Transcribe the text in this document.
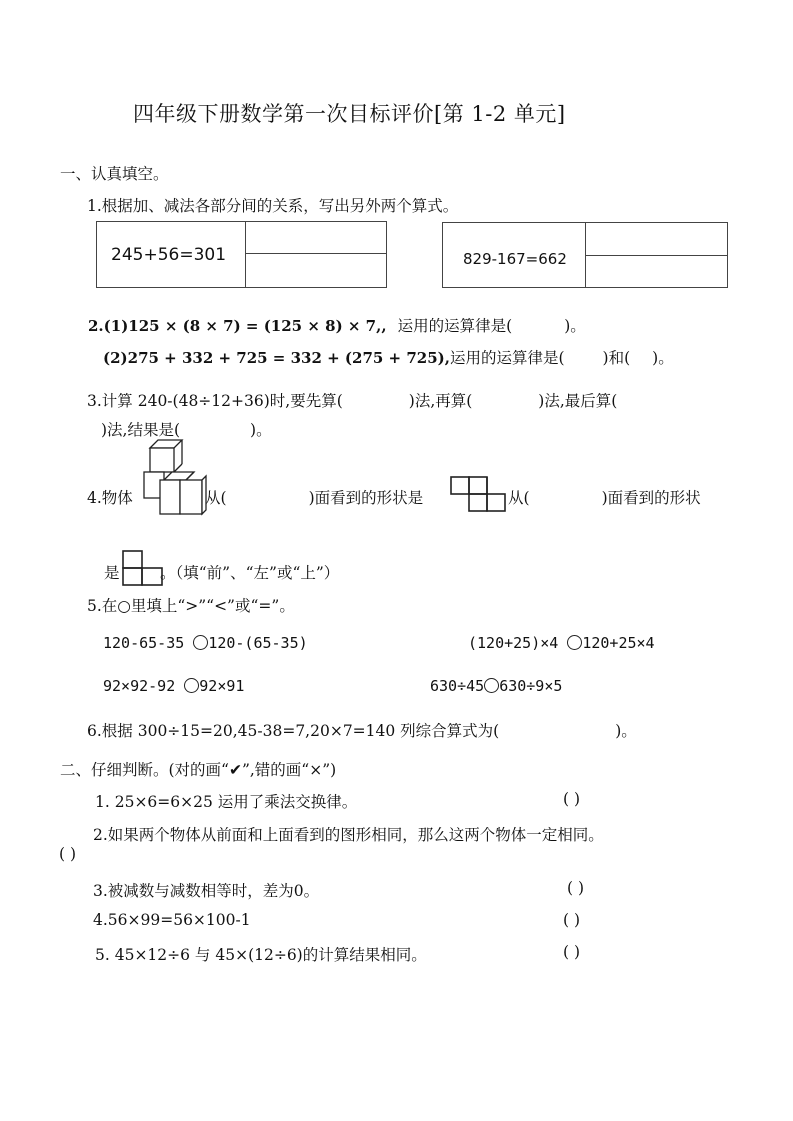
四年级下册数学第一次目标评价[第 1-2 单元]
一、认真填空。
1.根据加、减法各部分间的关系，写出另外两个算式。
245+56=301	829-167=662
2.(1)125 × (8 × 7) = (125 × 8) × 7,, 运用的运算律是(	)。
(2)275 + 332 + 725 = 332 + (275 + 725),运用的运算律是( )和( )。
3.计算 240-(48÷12+36)时,要先算(	)法,再算(	)法,最后算(
)法,结果是(	)。
4.物体	从(	)面看到的形状是	从(	)面看到的形状
是	。（填“前”、“左”或“上”）
5.在○里填上“>”“<”或“=”。
120-65-35 120-(65-35)	(120+25)×4 120+25×4
92×92-92 92×91	630÷45 630÷9×5
6.根据 300÷15=20,45-38=7,20×7=140 列综合算式为(	)。
二、仔细判断。(对的画“✔”,错的画“×”)
1. 25×6=6×25 运用了乘法交换律。	( )
2.如果两个物体从前面和上面看到的图形相同，那么这两个物体一定相同。
( )
3.被减数与减数相等时，差为0。	( )
4.56×99=56×100-1	( )
5. 45×12÷6 与 45×(12÷6)的计算结果相同。	( )
